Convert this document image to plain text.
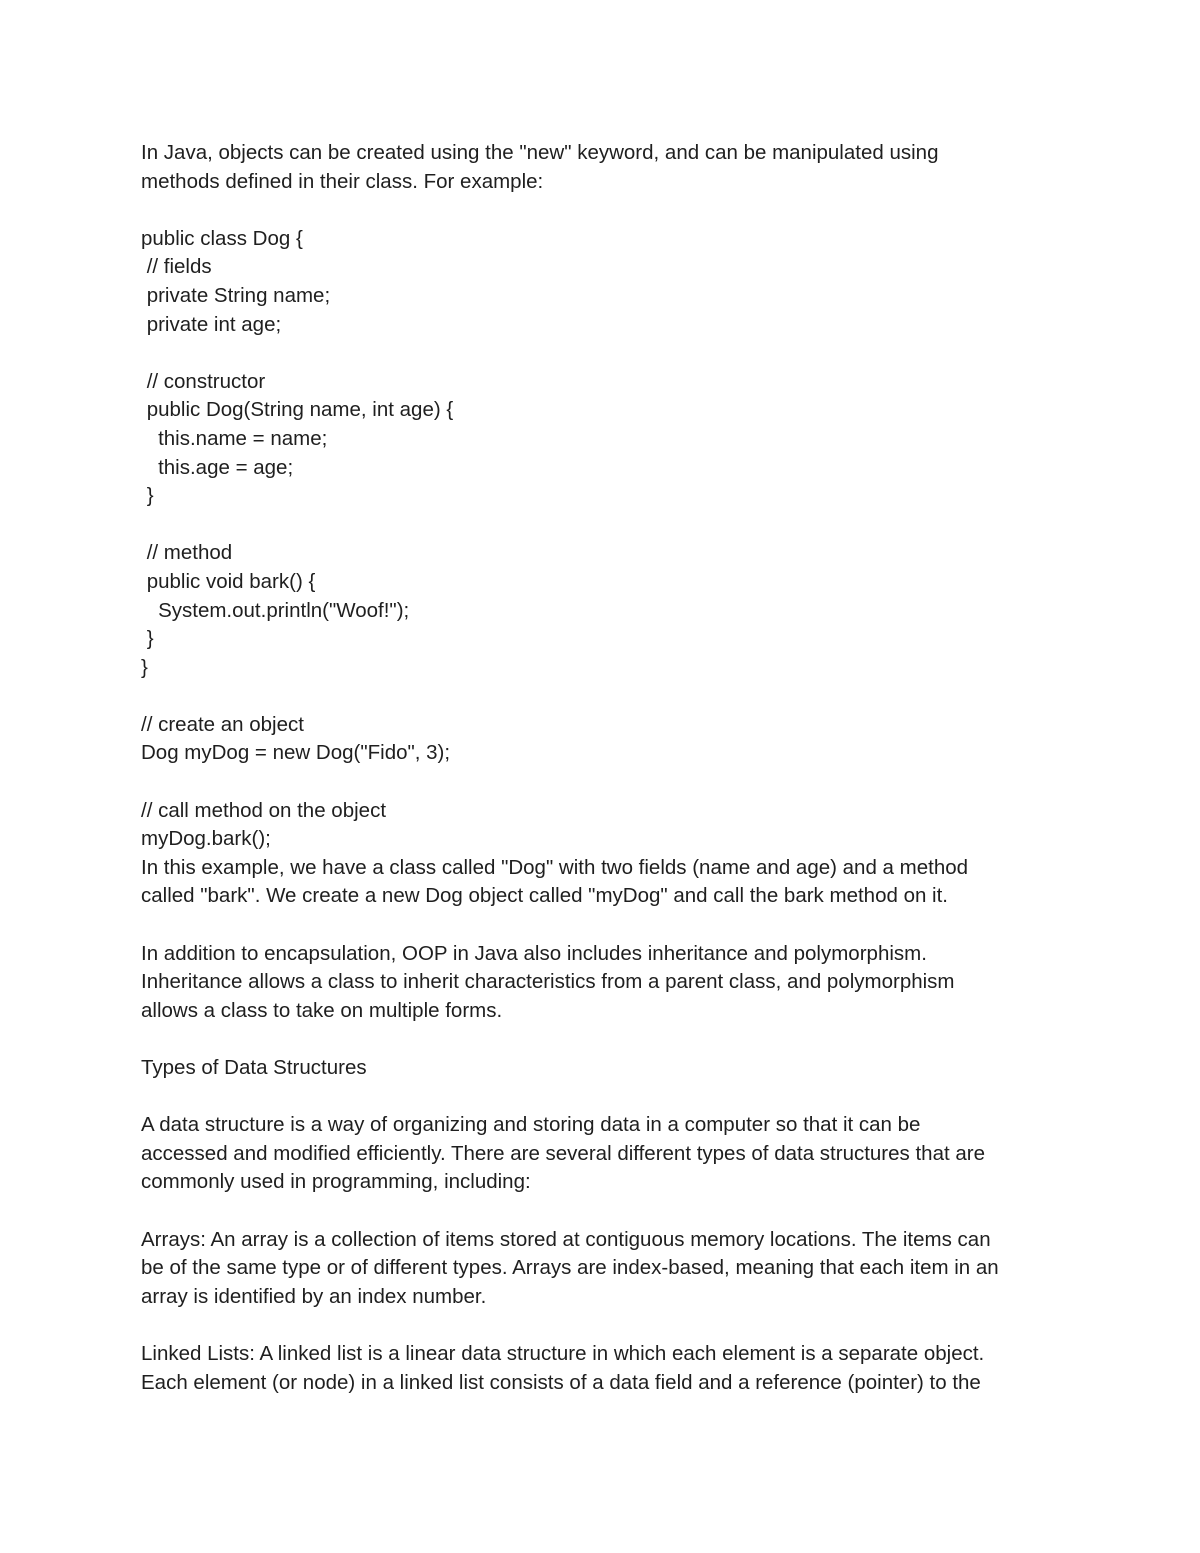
In Java, objects can be created using the "new" keyword, and can be manipulated using
methods defined in their class. For example:
public class Dog {
// fields
private String name;
private int age;
// constructor
public Dog(String name, int age) {
this.name = name;
this.age = age;
}
// method
public void bark() {
System.out.println("Woof!");
}
}
// create an object
Dog myDog = new Dog("Fido", 3);
// call method on the object
myDog.bark();
In this example, we have a class called "Dog" with two fields (name and age) and a method
called "bark". We create a new Dog object called "myDog" and call the bark method on it.
In addition to encapsulation, OOP in Java also includes inheritance and polymorphism.
Inheritance allows a class to inherit characteristics from a parent class, and polymorphism
allows a class to take on multiple forms.
Types of Data Structures
A data structure is a way of organizing and storing data in a computer so that it can be
accessed and modified efficiently. There are several different types of data structures that are
commonly used in programming, including:
Arrays: An array is a collection of items stored at contiguous memory locations. The items can
be of the same type or of different types. Arrays are index-based, meaning that each item in an
array is identified by an index number.
Linked Lists: A linked list is a linear data structure in which each element is a separate object.
Each element (or node) in a linked list consists of a data field and a reference (pointer) to the
